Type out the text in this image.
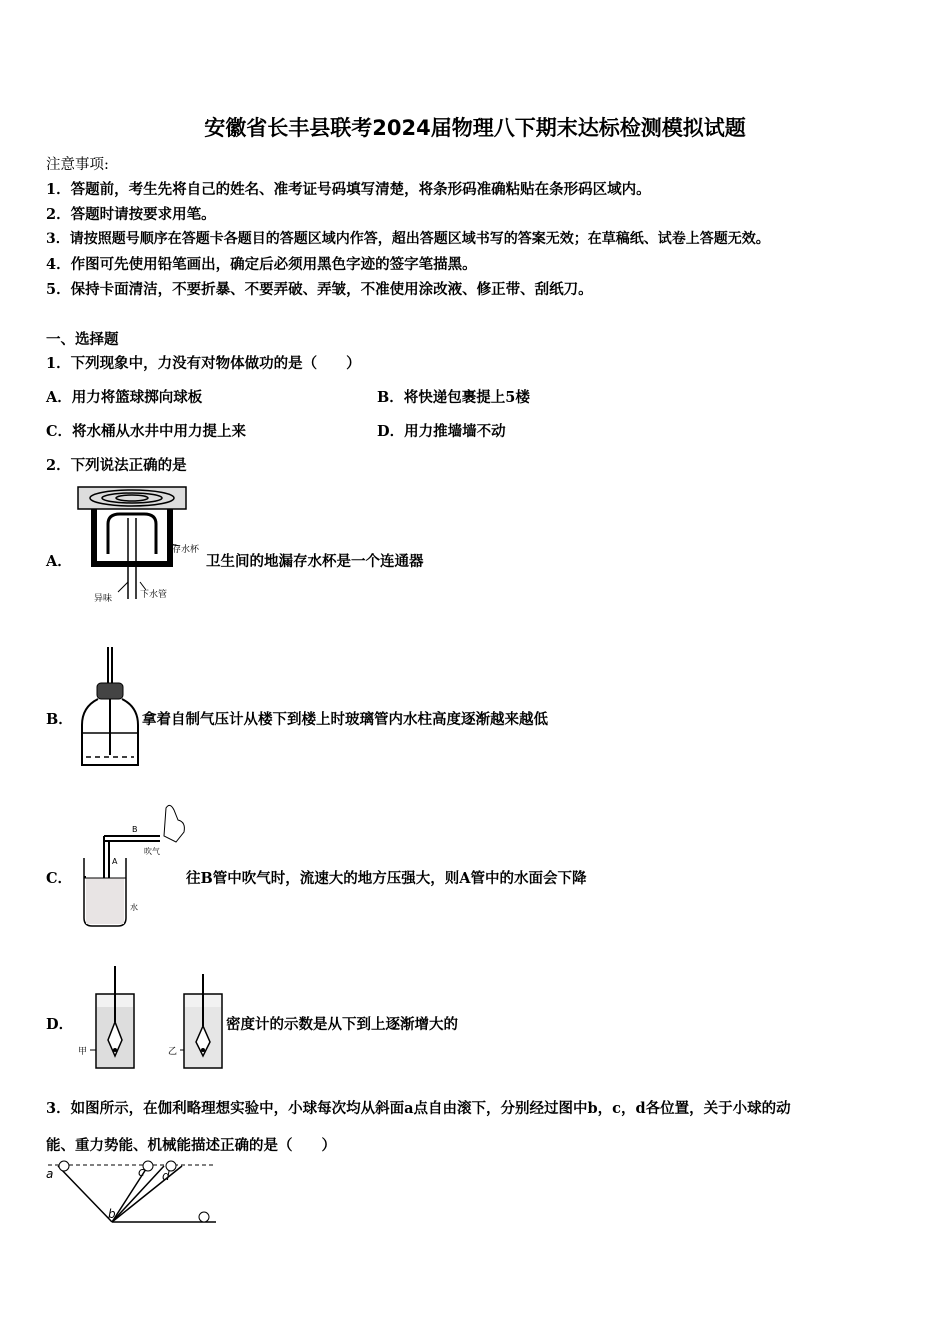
安徽省长丰县联考2024届物理八下期末达标检测模拟试题
注意事项:
1．答题前，考生先将自己的姓名、准考证号码填写清楚，将条形码准确粘贴在条形码区域内。
2．答题时请按要求用笔。
3．请按照题号顺序在答题卡各题目的答题区域内作答，超出答题区域书写的答案无效；在草稿纸、试卷上答题无效。
4．作图可先使用铅笔画出，确定后必须用黑色字迹的签字笔描黑。
5．保持卡面清洁，不要折暴、不要弄破、弄皱，不准使用涂改液、修正带、刮纸刀。
一、选择题
1．下列现象中，力没有对物体做功的是（　　）
A．用力将篮球掷向球板	B．将快递包裹提上5楼
C．将水桶从水井中用力提上来	D．用力推墙墙不动
2．下列说法正确的是
A．
存水杯
异味	下水管
卫生间的地漏存水杯是一个连通器
B．	拿着自制气压计从楼下到楼上时玻璃管内水柱高度逐渐越来越低
C．
B
A
吹气
水
往B管中吹气时，流速大的地方压强大，则A管中的水面会下降
D．
甲	乙
密度计的示数是从下到上逐渐增大的
3．如图所示，在伽利略理想实验中，小球每次均从斜面a点自由滚下，分别经过图中b，c，d各位置，关于小球的动
能、重力势能、机械能描述正确的是（　　）
a
b
c d
